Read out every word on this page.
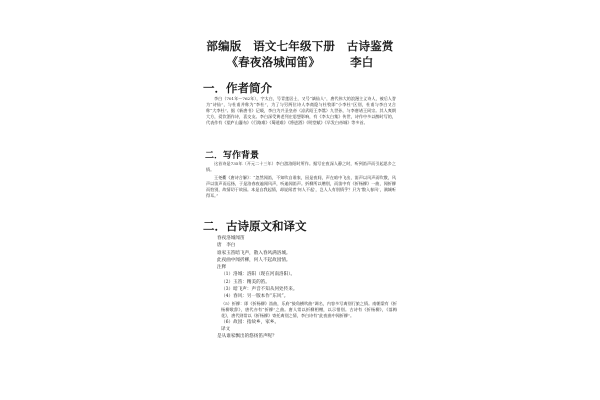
部编版　语文七年级下册　古诗鉴赏
《春夜洛城闻笛》	李白
一．作者简介

李白（701年～762年），字太白，号青莲居士，又号“谪仙人”，唐代伟大的浪漫主义诗人，被后人誉为“诗仙”，与杜甫并称为“李杜”，为了与另两位诗人李商隐与杜牧即“小李杜”区别，杜甫与李白又合称“大李杜”。据《新唐书》记载，李白为兴圣皇帝（凉武昭王李暠）九世孙，与李唐诸王同宗。其人爽朗大方，爱饮酒作诗，喜交友。李白深受黄老列庄思想影响，有《李太白集》传世，诗作中多以醉时写的，代表作有《望庐山瀑布》《行路难》《蜀道难》《将进酒》《明堂赋》《早发白帝城》等多首。

二．写作背景

这首诗是735年（开元二十三年）李白游洛阳时所作。据写在夜深人静之时，听到笛声而引起思乡之情。

王尧衢《唐诗合解》：“忽然闻笛，不知吹自谁家，因是夜间，声在暗中飞出，笛声以风声而吹散，风声以笛声而远扬，于是洛春夜遍闻风声，听遍闻笛声。折柳所以赠别，而笛中有《折杨柳》一曲，闻折柳而怕别，故情切于故园。本是自我起情，却说闻者‘何人不起’，岂人人有别情乎？只为‘散入春风’，满城听得耳。”

二．古诗原文和译文
春夜洛城闻笛
唐　李白
谁家玉笛暗飞声，散入春风满洛城。
此夜曲中闻折柳，何人不起故园情。
注释
（1）洛城：洛阳（现在河南洛阳）。
（2）玉笛：精美的笛。
（3）暗飞声：声音不知从何处传来。
（4）春风：另一版本作“东风”。
（5）折柳：即《折杨柳》笛曲，乐府“鼓角横吹曲”调名，内容多写离别行旅之情。南朝梁有《折杨柳歌辞》，唐代亦有“折柳”之曲。唐人常以折柳相赠，以示惜别。古诗有《折杨柳》，《落梅花》，唐代则常以《折杨柳》寄托离别之情，李白诗有“此夜曲中闻折柳”。
（6）故园：指故乡，家乡。
译文
是从谁家飘出的悠扬笛声呢？
